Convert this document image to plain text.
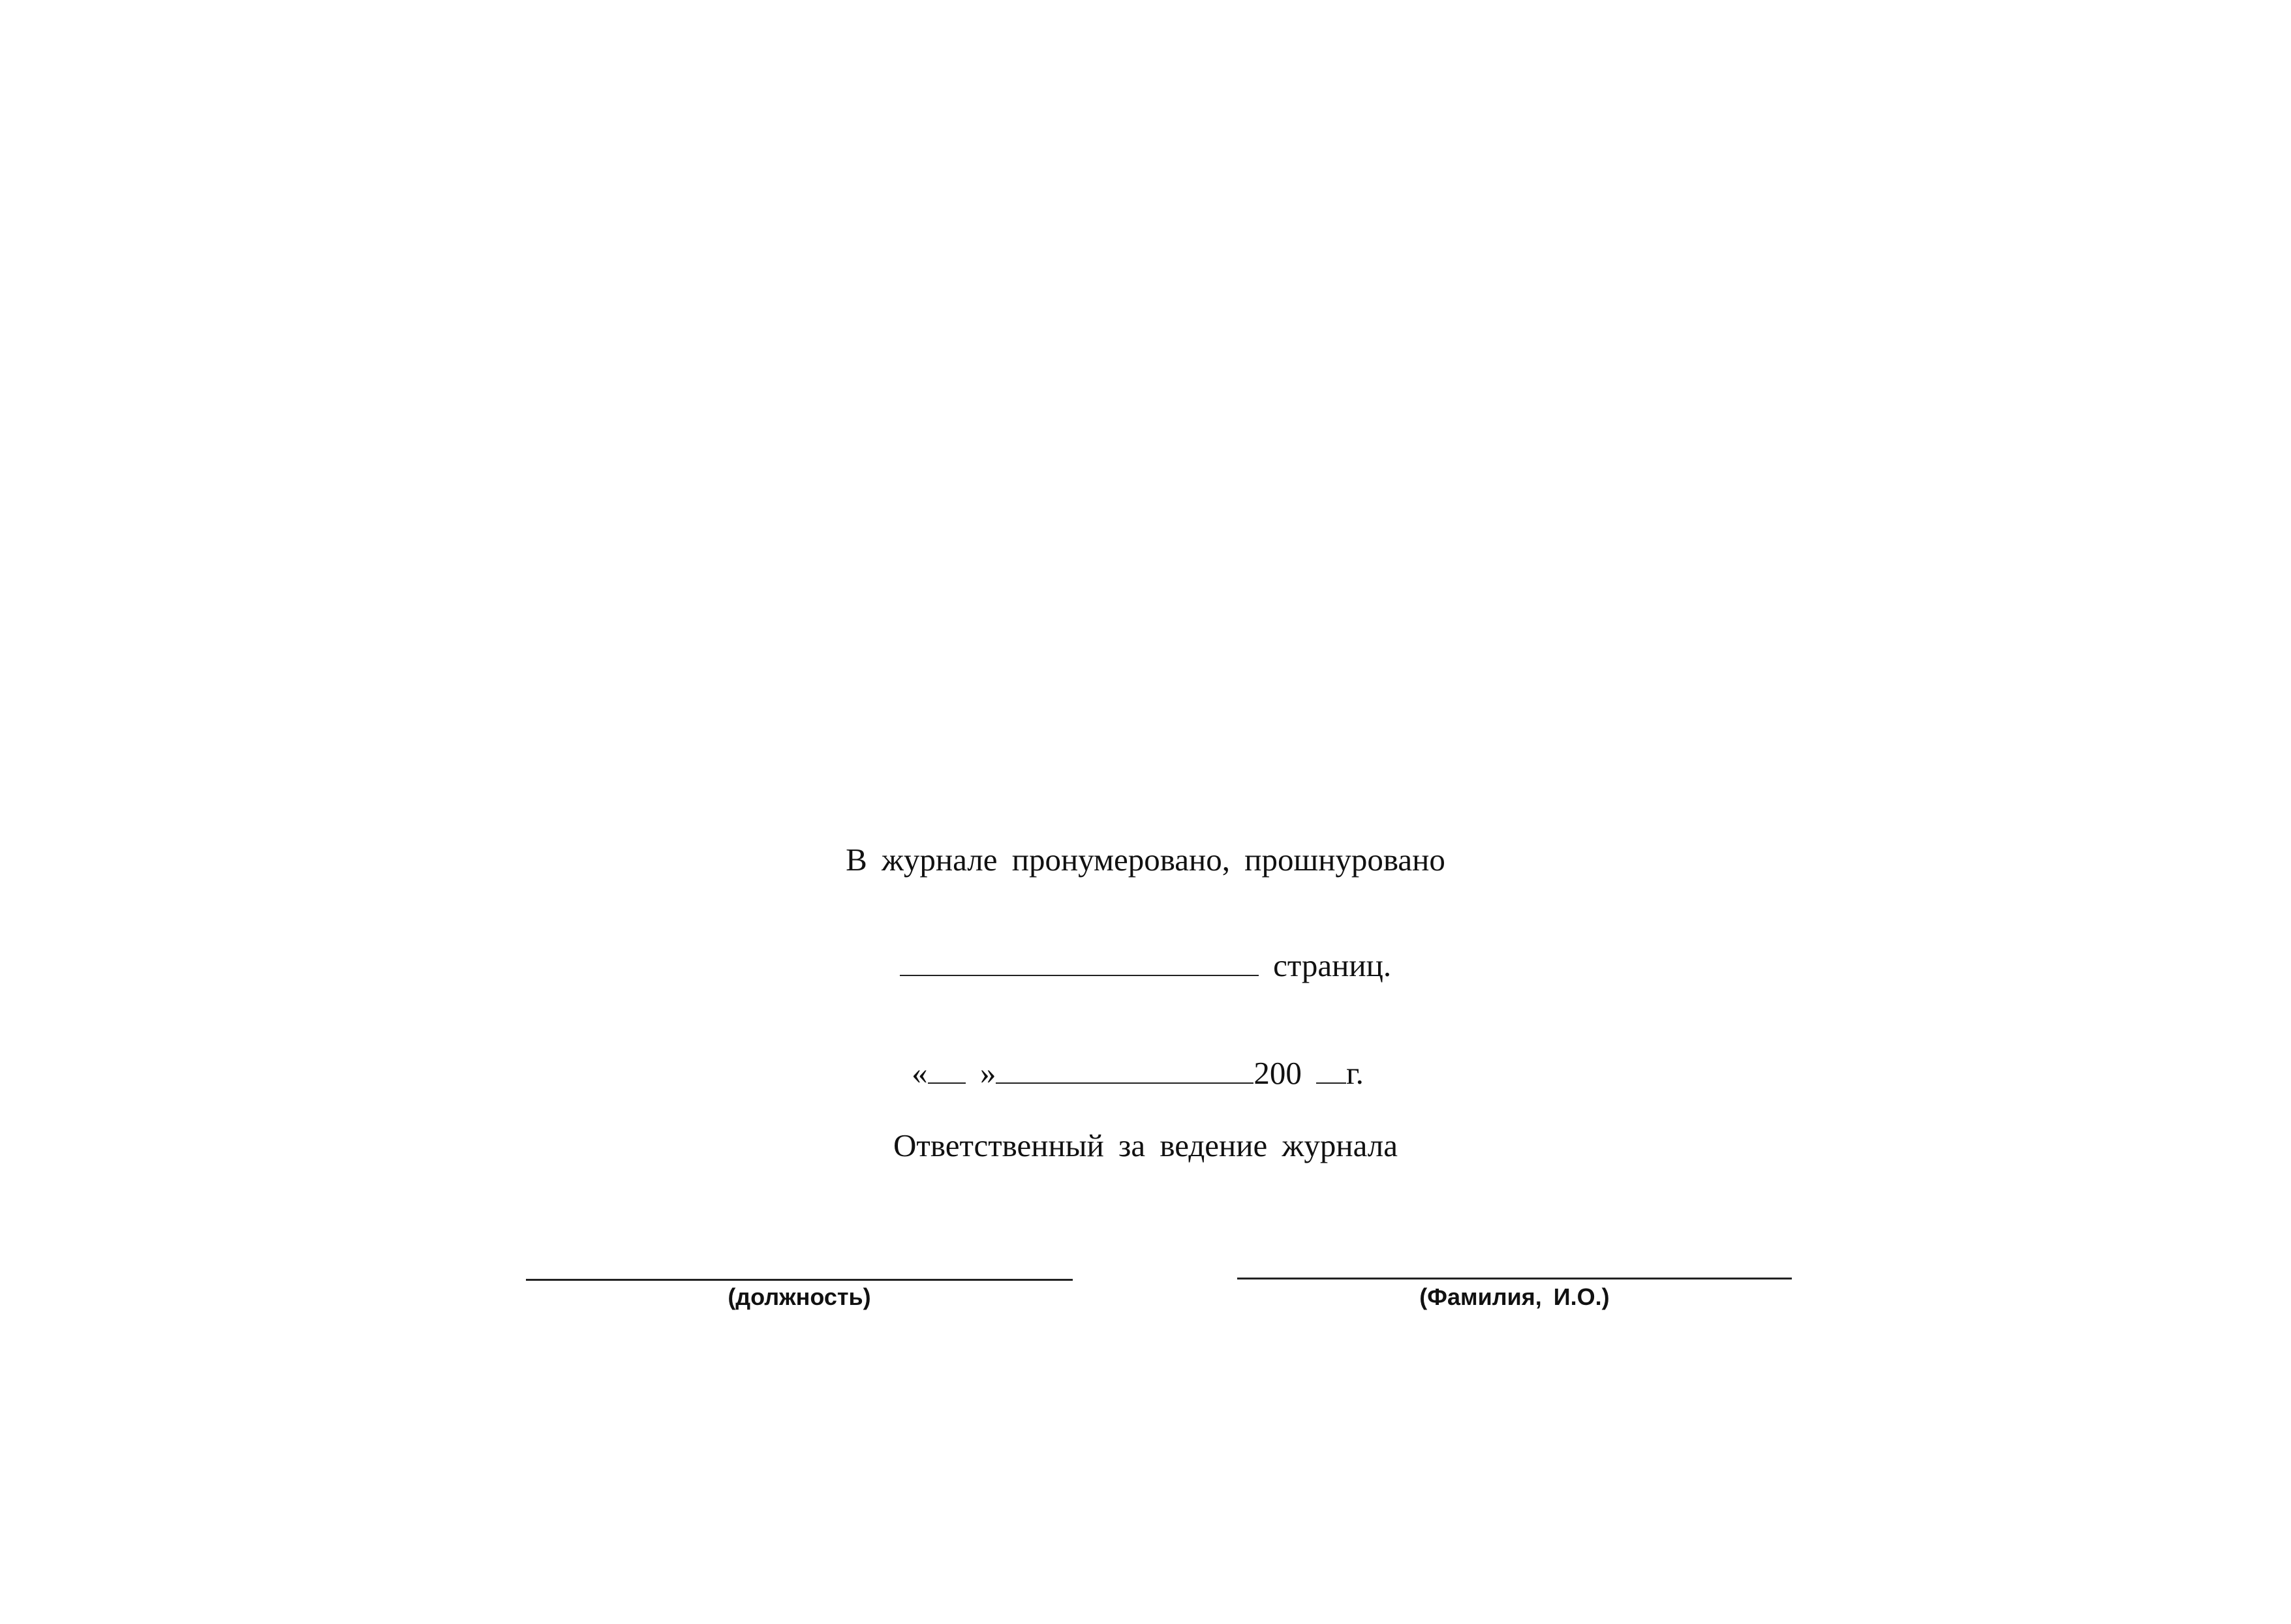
В журнале пронумеровано, прошнуровано
страниц.
« »	200 г.
Ответственный за ведение журнала
(должность)	(Фамилия, И.О.)
